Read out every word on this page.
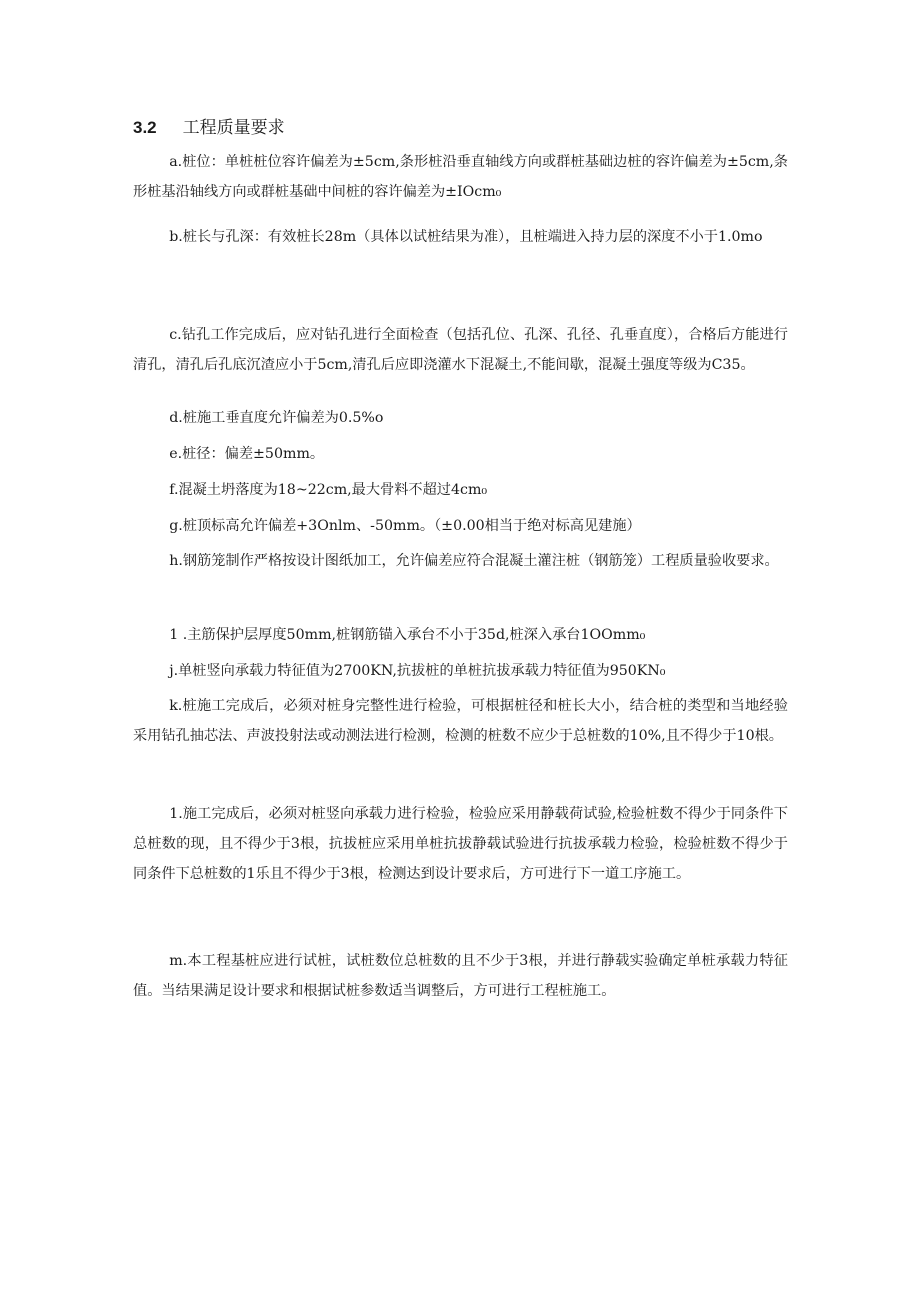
3.2 工程质量要求

a.桩位：单桩桩位容许偏差为±5cm,条形桩沿垂直轴线方向或群桩基础边桩的容许偏差为±5cm,条形桩基沿轴线方向或群桩基础中间桩的容许偏差为±IOcm₀

b.桩长与孔深：有效桩长28m（具体以试桩结果为准），且桩端进入持力层的深度不小于1.0mo

c.钻孔工作完成后，应对钻孔进行全面检查（包括孔位、孔深、孔径、孔垂直度），合格后方能进行清孔，清孔后孔底沉渣应小于5cm,清孔后应即浇灌水下混凝土,不能间歇，混凝土强度等级为C35。

d.桩施工垂直度允许偏差为0.5%o

e.桩径：偏差±50mm。

f.混凝土坍落度为18~22cm,最大骨料不超过4cm₀

g.桩顶标高允许偏差+3Onlm、-50mm。（±0.00相当于绝对标高见建施）

h.钢筋笼制作严格按设计图纸加工，允许偏差应符合混凝土灌注桩（钢筋笼）工程质量验收要求。

1 .主筋保护层厚度50mm,桩钢筋锚入承台不小于35d,桩深入承台1OOmm₀

j.单桩竖向承载力特征值为2700KN,抗拔桩的单桩抗拔承载力特征值为950KN₀

k.桩施工完成后，必须对桩身完整性进行检验，可根据桩径和桩长大小，结合桩的类型和当地经验采用钻孔抽芯法、声波投射法或动测法进行检测，检测的桩数不应少于总桩数的10%,且不得少于10根。

1.施工完成后，必须对桩竖向承载力进行检验，检验应采用静载荷试验,检验桩数不得少于同条件下总桩数的现，且不得少于3根，抗拔桩应采用单桩抗拔静载试验进行抗拔承载力检验，检验桩数不得少于同条件下总桩数的1乐且不得少于3根，检测达到设计要求后，方可进行下一道工序施工。

m.本工程基桩应进行试桩，试桩数位总桩数的且不少于3根，并进行静载实验确定单桩承载力特征值。当结果满足设计要求和根据试桩参数适当调整后，方可进行工程桩施工。
